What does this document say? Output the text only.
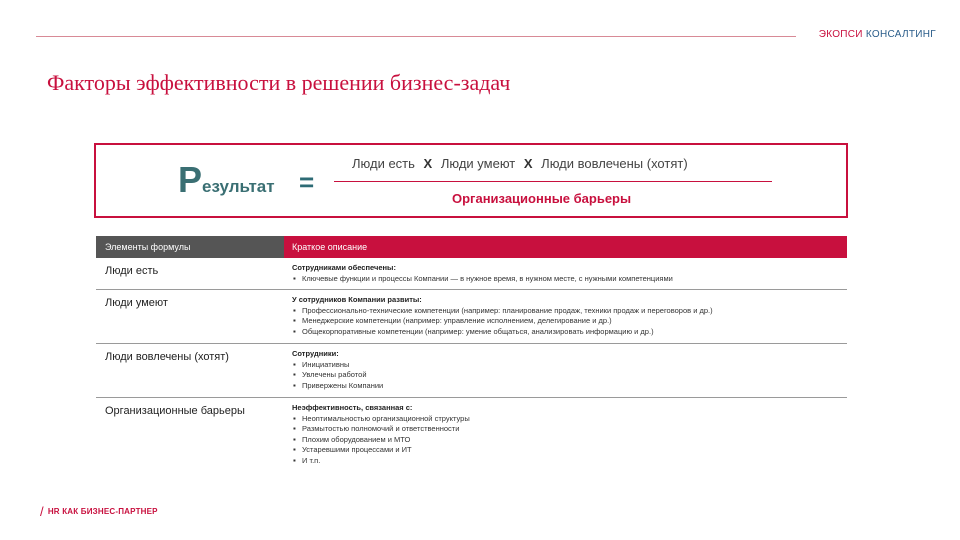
ЭКОПСИ КОНСАЛТИНГ
Факторы эффективности в решении бизнес-задач
Результат =
Люди есть Х Люди умеют Х Люди вовлечены (хотят)
Организационные барьеры
Элементы формулы	Краткое описание
Люди есть	Сотрудниками обеспечены:
▪ Ключевые функции и процессы Компании — в нужное время, в нужном месте, с нужными компетенциями
Люди умеют	У сотрудников Компании развиты:
▪ Профессионально-технические компетенции (например: планирование продаж, техники продаж и переговоров и др.)
▪ Менеджерские компетенции (например: управление исполнением, делегирование и др.)
▪ Общекорпоративные компетенции (например: умение общаться, анализировать информацию и др.)
Люди вовлечены (хотят)	Сотрудники:
▪ Инициативны
▪ Увлечены работой
▪ Привержены Компании
Организационные барьеры	Неэффективность, связанная с:
▪ Неоптимальностью организационной структуры
▪ Размытостью полномочий и ответственности
▪ Плохим оборудованием и МТО
▪ Устаревшими процессами и ИТ
▪ И т.п.
/ HR КАК БИЗНЕС-ПАРТНЕР
